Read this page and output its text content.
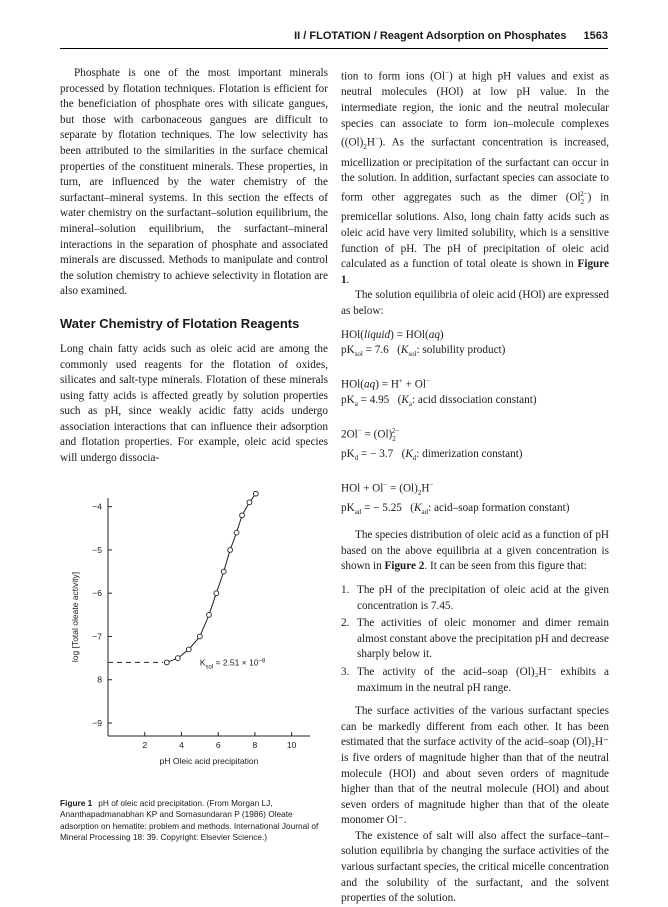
II / FLOTATION / Reagent Adsorption on Phosphates 1563

Phosphate is one of the most important minerals processed by flotation techniques. Flotation is efficient for the beneficiation of phosphate ores with silicate gangues, but those with carbonaceous gangues are difficult to separate by flotation techniques. The low selectivity has been attributed to the similarities in the surface chemical properties of the constituent minerals. These properties, in turn, are influenced by the water chemistry of the surfactant–mineral systems. In this section the effects of water chemistry on the surfactant–solution equilibrium, the mineral–solution equilibrium, the surfactant–mineral interactions in the separation of phosphate and associated minerals are discussed. Methods to manipulate and control the solution chemistry to achieve selectivity in flotation are also examined.

Water Chemistry of Flotation Reagents

Long chain fatty acids such as oleic acid are among the commonly used reagents for the flotation of oxides, silicates and salt-type minerals. Flotation of these minerals using fatty acids is affected greatly by solution properties such as pH, since weakly acidic fatty acids undergo association interactions that can influence their adsorption and flotation properties. For example, oleic acid species will undergo dissocia-

−4
−5
−6
−7
8
−9
2	4	6	8	10
pH Oleic acid precipitation
log [Total oleate activity]
$K_{sol} = 2.51 \times 10^{-8}$
Figure 1 pH of oleic acid precipitation. (From Morgan LJ, Ananthapadmanabhan KP and Somasundaran P (1986) Oleate adsorption on hematite: problem and methods. International Journal of Mineral Processing 18: 39. Copyright: Elsevier Science.)

tion to form ions (Ol−) at high pH values and exist as neutral molecules (HOl) at low pH value. In the intermediate region, the ionic and the neutral molecular species can associate to form ion–molecule complexes $((Ol)_2H^-)$. As the surfactant concentration is increased, micellization or precipitation of the surfactant can occur in the solution. In addition, surfactant species can associate to form other aggregates such as the dimer $(Ol_2^{2-})$ in premicellar solutions. Also, long chain fatty acids such as oleic acid have very limited solubility, which is a sensitive function of pH. The pH of precipitation of oleic acid calculated as a function of total oleate is shown in Figure 1.

The solution equilibria of oleic acid (HOl) are expressed as below:

HOl(liquid) = HOl(aq)
$pK_{sol} = 7.6$   ($K_{sol}$: solubility product)
HOl(aq) = H+ + Ol−
$pK_a = 4.95$   ($K_a$: acid dissociation constant)
$2Ol^- = (Ol)_2^{2-}$
$pK_d$ = − 3.7   ($K_d$: dimerization constant)
HOl + $Ol^- = (Ol)_2H^-$
$pK_{ad}$ = − 5.25   ($K_{ad}$: acid–soap formation constant)

The species distribution of oleic acid as a function of pH based on the above equilibria at a given concentration is shown in Figure 2. It can be seen from this figure that:

1. The pH of the precipitation of oleic acid at the given concentration is 7.45.
2. The activities of oleic monomer and dimer remain almost constant above the precipitation pH and decrease sharply below it.
3. The activity of the acid–soap (Ol)₂H⁻ exhibits a maximum in the neutral pH range.

The surface activities of the various surfactant species can be markedly different from each other. It has been estimated that the surface activity of the acid–soap (Ol)₂H⁻ is five orders of magnitude higher than that of the neutral molecule (HOl) and about seven orders of magnitude higher than that of the neutral molecule (HOl) and about seven orders of magnitude higher than that of the oleate monomer Ol⁻.

The existence of salt will also affect the surface–tant–solution equilibria by changing the surface activities of the various surfactant species, the critical micelle concentration and the solubility of the surfactant, and the solvent properties of the solution.
